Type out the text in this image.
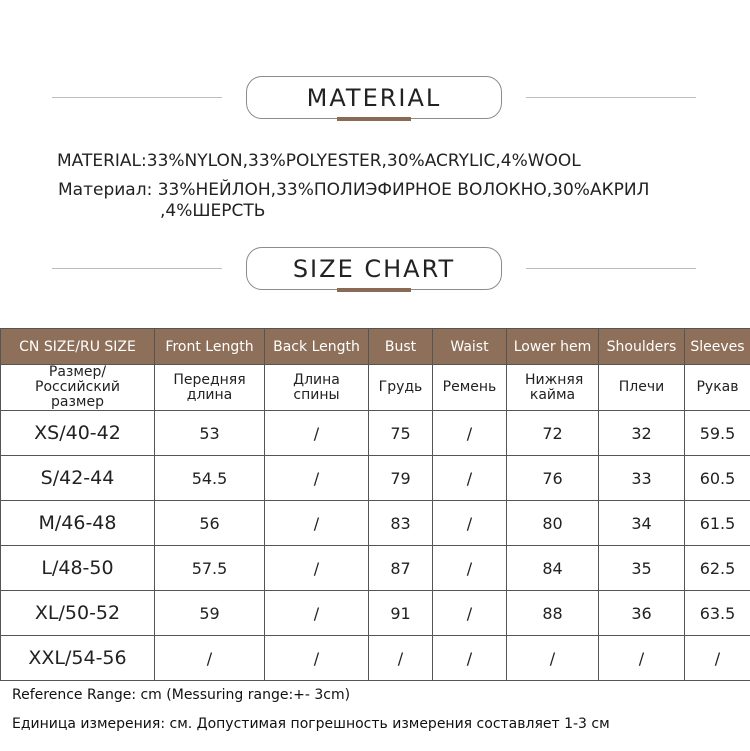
MATERIAL
MATERIAL:33%NYLON,33%POLYESTER,30%ACRYLIC,4%WOOL
Материал: 33%НЕЙЛОН,33%ПОЛИЭФИРНОЕ ВОЛОКНО,30%АКРИЛ
,4%ШЕРСТЬ
SIZE CHART
CN SIZE/RU SIZE	Front Length	Back Length	Bust	Waist	Lower hem	Shoulders	Sleeves
Размер/Российский размер	Передняя длина	Длина спины	Грудь	Ремень	Нижняя кайма	Плечи	Рукав
XS/40-42	53	/	75	/	72	32	59.5
S/42-44	54.5	/	79	/	76	33	60.5
M/46-48	56	/	83	/	80	34	61.5
L/48-50	57.5	/	87	/	84	35	62.5
XL/50-52	59	/	91	/	88	36	63.5
XXL/54-56	/	/	/	/	/	/	/
Reference Range: cm (Messuring range:+- 3cm)
Единица измерения: см. Допустимая погрешность измерения составляет 1-3 см
